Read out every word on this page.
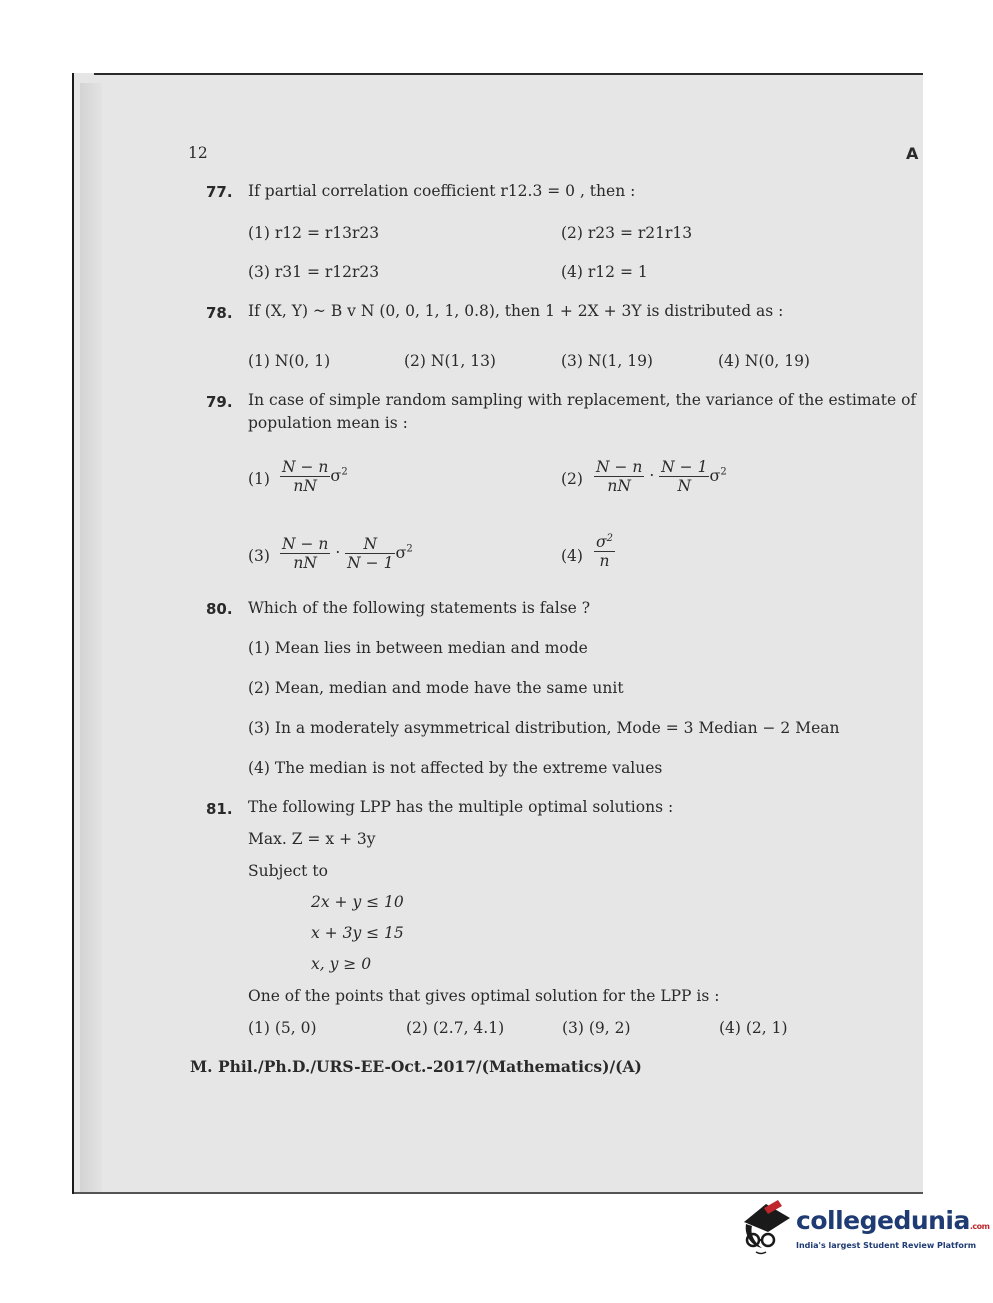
12	A
77. If partial correlation coefficient r12.3 = 0 , then :
(1) r12 = r13r23	(2) r23 = r21r13
(3) r31 = r12r23	(4) r12 = 1
78. If (X, Y) ~ B v N (0, 0, 1, 1, 0.8), then 1 + 2X + 3Y is distributed as :
(1) N(0, 1)	(2) N(1, 13)	(3) N(1, 19)	(4) N(0, 19)
79. In case of simple random sampling with replacement, the variance of the estimate of
population mean is :
$(1) \frac{N - n}{nN} \sigma^2$	$(2) \frac{N - n}{nN} \cdot \frac{N - 1}{N} \sigma^2$
$(3) \frac{N - n}{nN} \cdot \frac{N}{N - 1} \sigma^2$	$(4) \frac{\sigma^2}{n}$
80. Which of the following statements is false ?
(1) Mean lies in between median and mode
(2) Mean, median and mode have the same unit
(3) In a moderately asymmetrical distribution, Mode = 3 Median − 2 Mean
(4) The median is not affected by the extreme values
81. The following LPP has the multiple optimal solutions :
Max. Z = x + 3y
Subject to
2x + y ≤ 10
x + 3y ≤ 15
x, y ≥ 0
One of the points that gives optimal solution for the LPP is :
(1) (5, 0)	(2) (2.7, 4.1)	(3) (9, 2)	(4) (2, 1)
M. Phil./Ph.D./URS-EE-Oct.-2017/(Mathematics)/(A)
collegedunia.com
India's largest Student Review Platform
